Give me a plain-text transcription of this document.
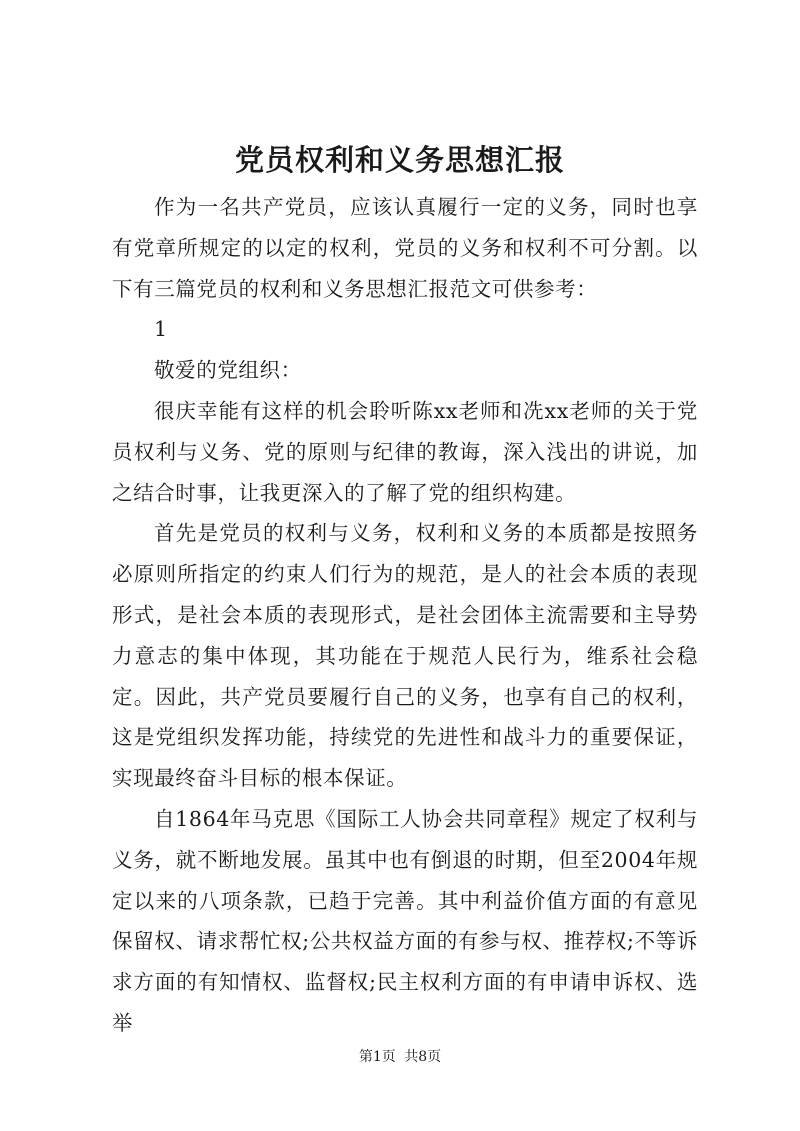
党员权利和义务思想汇报

作为一名共产党员，应该认真履行一定的义务，同时也享有党章所规定的以定的权利，党员的义务和权利不可分割。以下有三篇党员的权利和义务思想汇报范文可供参考：

1

敬爱的党组织：

很庆幸能有这样的机会聆听陈xx老师和冼xx老师的关于党员权利与义务、党的原则与纪律的教诲，深入浅出的讲说，加之结合时事，让我更深入的了解了党的组织构建。

首先是党员的权利与义务，权利和义务的本质都是按照务必原则所指定的约束人们行为的规范，是人的社会本质的表现形式，是社会本质的表现形式，是社会团体主流需要和主导势力意志的集中体现，其功能在于规范人民行为，维系社会稳定。因此，共产党员要履行自己的义务，也享有自己的权利，这是党组织发挥功能，持续党的先进性和战斗力的重要保证，实现最终奋斗目标的根本保证。

自1864年马克思《国际工人协会共同章程》规定了权利与义务，就不断地发展。虽其中也有倒退的时期，但至2004年规定以来的八项条款，已趋于完善。其中利益价值方面的有意见保留权、请求帮忙权;公共权益方面的有参与权、推荐权;不等诉求方面的有知情权、监督权;民主权利方面的有申请申诉权、选举

第1页 共8页
